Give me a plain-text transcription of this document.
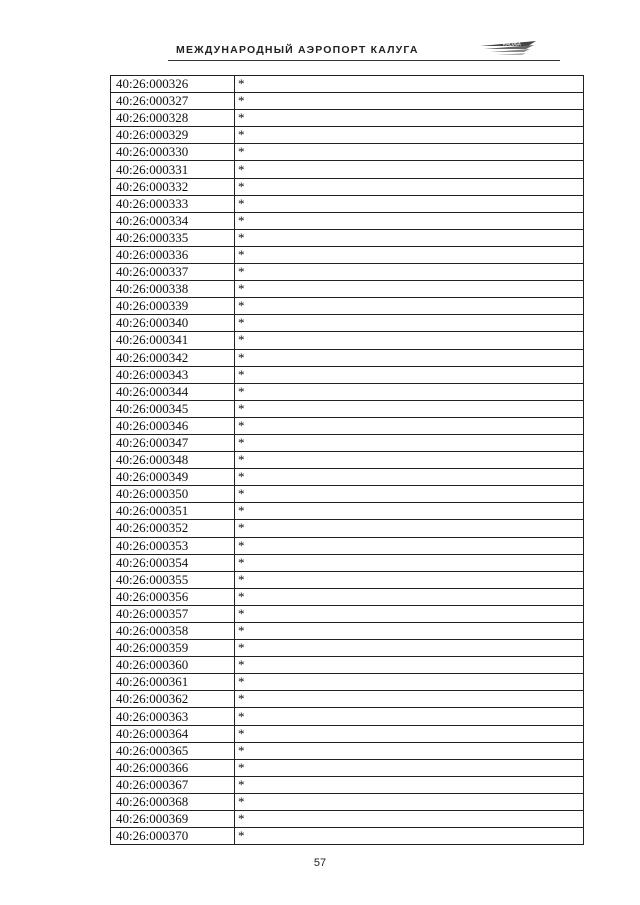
МЕЖДУНАРОДНЫЙ АЭРОПОРТ КАЛУГА	KALUGA
40:26:000326	*
40:26:000327	*
40:26:000328	*
40:26:000329	*
40:26:000330	*
40:26:000331	*
40:26:000332	*
40:26:000333	*
40:26:000334	*
40:26:000335	*
40:26:000336	*
40:26:000337	*
40:26:000338	*
40:26:000339	*
40:26:000340	*
40:26:000341	*
40:26:000342	*
40:26:000343	*
40:26:000344	*
40:26:000345	*
40:26:000346	*
40:26:000347	*
40:26:000348	*
40:26:000349	*
40:26:000350	*
40:26:000351	*
40:26:000352	*
40:26:000353	*
40:26:000354	*
40:26:000355	*
40:26:000356	*
40:26:000357	*
40:26:000358	*
40:26:000359	*
40:26:000360	*
40:26:000361	*
40:26:000362	*
40:26:000363	*
40:26:000364	*
40:26:000365	*
40:26:000366	*
40:26:000367	*
40:26:000368	*
40:26:000369	*
40:26:000370	*
57
